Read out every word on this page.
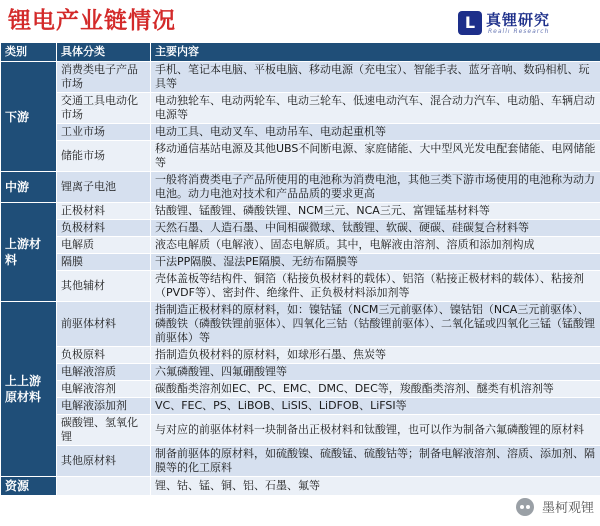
锂电产业链情况	L 真锂研究
Reallı Research
类别	具体分类	主要内容
下游	消费类电子产品市场	手机、笔记本电脑、平板电脑、移动电源（充电宝）、智能手表、蓝牙音响、数码相机、玩具等
	交通工具电动化市场	电动独轮车、电动两轮车、电动三轮车、低速电动汽车、混合动力汽车、电动船、车辆启动电源等
	工业市场	电动工具、电动叉车、电动吊车、电动起重机等
	储能市场	移动通信基站电源及其他UBS不间断电源、家庭储能、大中型风光发电配套储能、电网储能等
中游	锂离子电池	一般将消费类电子产品所使用的电池称为消费电池，其他三类下游市场使用的电池称为动力电池。动力电池对技术和产品品质的要求更高
上游材料	正极材料	钴酸锂、锰酸锂、磷酸铁锂、NCM三元、NCA三元、富锂锰基材料等
	负极材料	天然石墨、人造石墨、中间相碳微球、钛酸锂、软碳、硬碳、硅碳复合材料等
	电解质	液态电解质（电解液）、固态电解质。其中，电解液由溶剂、溶质和添加剂构成
	隔膜	干法PP隔膜、湿法PE隔膜、无纺布隔膜等
	其他辅材	壳体盖板等结构件、铜箔（粘接负极材料的载体）、铝箔（粘接正极材料的载体）、粘接剂（PVDF等）、密封件、绝缘件、正负极材料添加剂等
上上游原材料	前驱体材料	指制造正极材料的原材料，如：镍钴锰（NCM三元前驱体）、镍钴铝（NCA三元前驱体）、磷酸铁（磷酸铁锂前驱体）、四氧化三钴（钴酸锂前驱体）、二氧化锰或四氧化三锰（锰酸锂前驱体）等
	负极原料	指制造负极材料的原材料，如球形石墨、焦炭等
	电解液溶质	六氟磷酸锂、四氟硼酸锂等
	电解液溶剂	碳酸酯类溶剂如EC、PC、EMC、DMC、DEC等，羧酸酯类溶剂、醚类有机溶剂等
	电解液添加剂	VC、FEC、PS、LiBOB、LiSIS、LiDFOB、LiFSI等
	碳酸锂、氢氧化锂	与对应的前驱体材料一块制备出正极材料和钛酸锂，也可以作为制备六氟磷酸锂的原材料
	其他原材料	制备前驱体的原材料，如硫酸镍、硫酸锰、硫酸钴等；制备电解液溶剂、溶质、添加剂、隔膜等的化工原料
资源		锂、钴、锰、铜、铝、石墨、氟等
墨柯观锂
